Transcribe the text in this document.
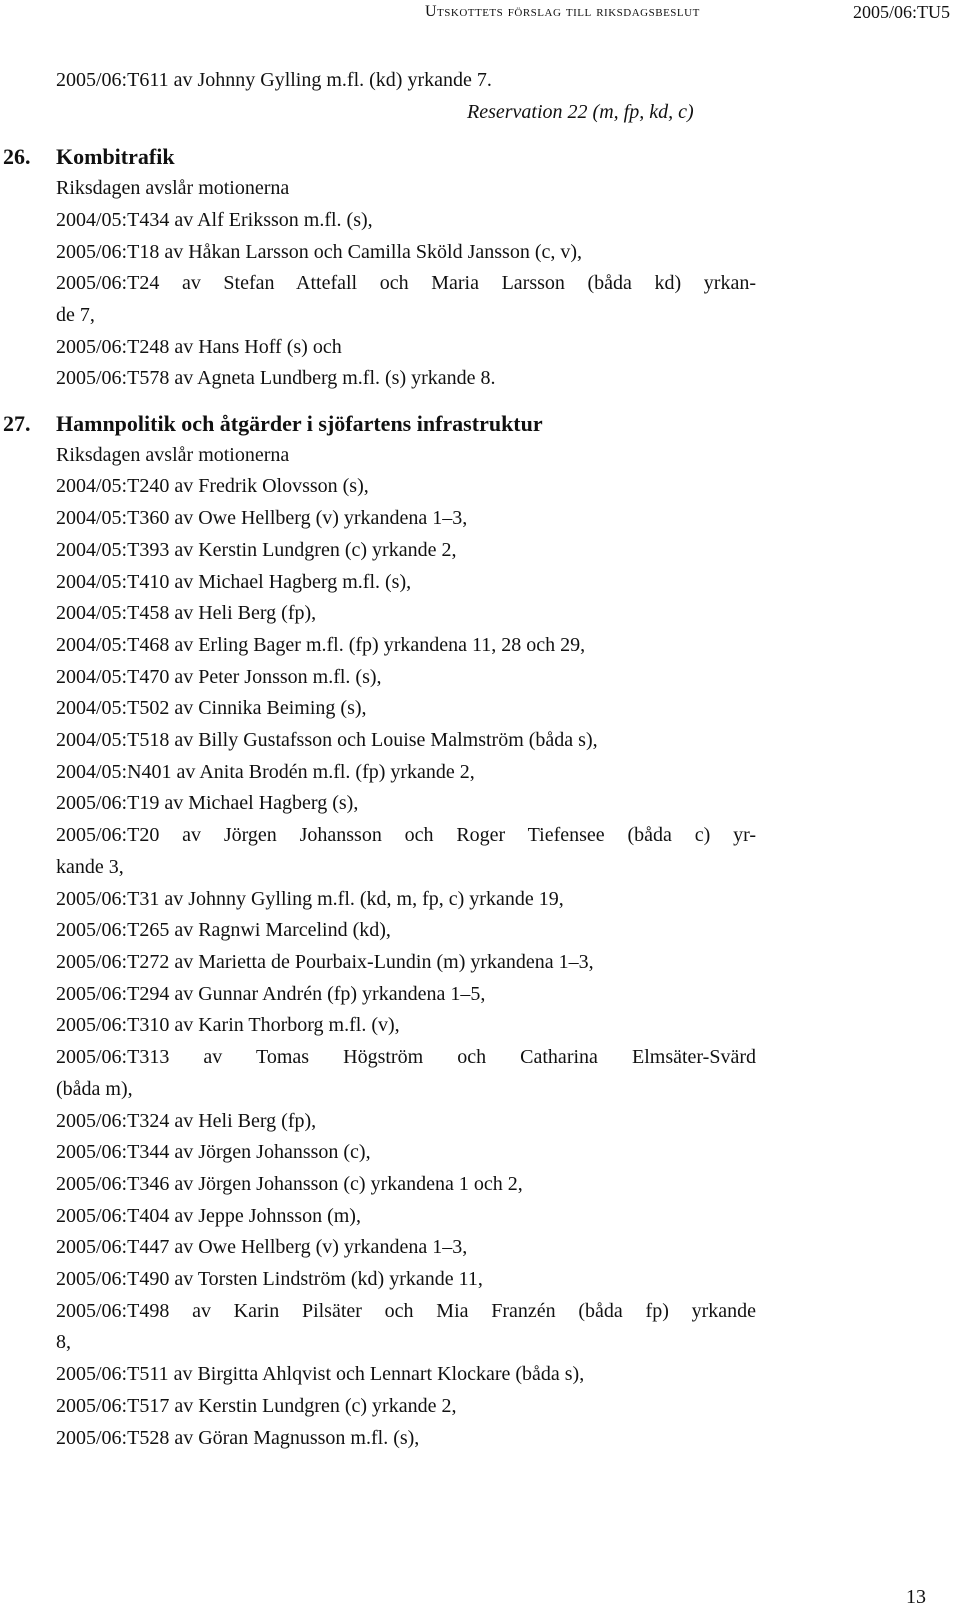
Utskottets förslag till riksdagsbeslut	2005/06:TU5
2005/06:T611 av Johnny Gylling m.fl. (kd) yrkande 7.
Reservation 22 (m, fp, kd, c)
26. Kombitrafik
Riksdagen avslår motionerna
2004/05:T434 av Alf Eriksson m.fl. (s),
2005/06:T18 av Håkan Larsson och Camilla Sköld Jansson (c, v),
2005/06:T24 av Stefan Attefall och Maria Larsson (båda kd) yrkan-
de 7,
2005/06:T248 av Hans Hoff (s) och
2005/06:T578 av Agneta Lundberg m.fl. (s) yrkande 8.
27. Hamnpolitik och åtgärder i sjöfartens infrastruktur
Riksdagen avslår motionerna
2004/05:T240 av Fredrik Olovsson (s),
2004/05:T360 av Owe Hellberg (v) yrkandena 1–3,
2004/05:T393 av Kerstin Lundgren (c) yrkande 2,
2004/05:T410 av Michael Hagberg m.fl. (s),
2004/05:T458 av Heli Berg (fp),
2004/05:T468 av Erling Bager m.fl. (fp) yrkandena 11, 28 och 29,
2004/05:T470 av Peter Jonsson m.fl. (s),
2004/05:T502 av Cinnika Beiming (s),
2004/05:T518 av Billy Gustafsson och Louise Malmström (båda s),
2004/05:N401 av Anita Brodén m.fl. (fp) yrkande 2,
2005/06:T19 av Michael Hagberg (s),
2005/06:T20 av Jörgen Johansson och Roger Tiefensee (båda c) yr-
kande 3,
2005/06:T31 av Johnny Gylling m.fl. (kd, m, fp, c) yrkande 19,
2005/06:T265 av Ragnwi Marcelind (kd),
2005/06:T272 av Marietta de Pourbaix-Lundin (m) yrkandena 1–3,
2005/06:T294 av Gunnar Andrén (fp) yrkandena 1–5,
2005/06:T310 av Karin Thorborg m.fl. (v),
2005/06:T313 av Tomas Högström och Catharina Elmsäter-Svärd
(båda m),
2005/06:T324 av Heli Berg (fp),
2005/06:T344 av Jörgen Johansson (c),
2005/06:T346 av Jörgen Johansson (c) yrkandena 1 och 2,
2005/06:T404 av Jeppe Johnsson (m),
2005/06:T447 av Owe Hellberg (v) yrkandena 1–3,
2005/06:T490 av Torsten Lindström (kd) yrkande 11,
2005/06:T498 av Karin Pilsäter och Mia Franzén (båda fp) yrkande
8,
2005/06:T511 av Birgitta Ahlqvist och Lennart Klockare (båda s),
2005/06:T517 av Kerstin Lundgren (c) yrkande 2,
2005/06:T528 av Göran Magnusson m.fl. (s),
13
